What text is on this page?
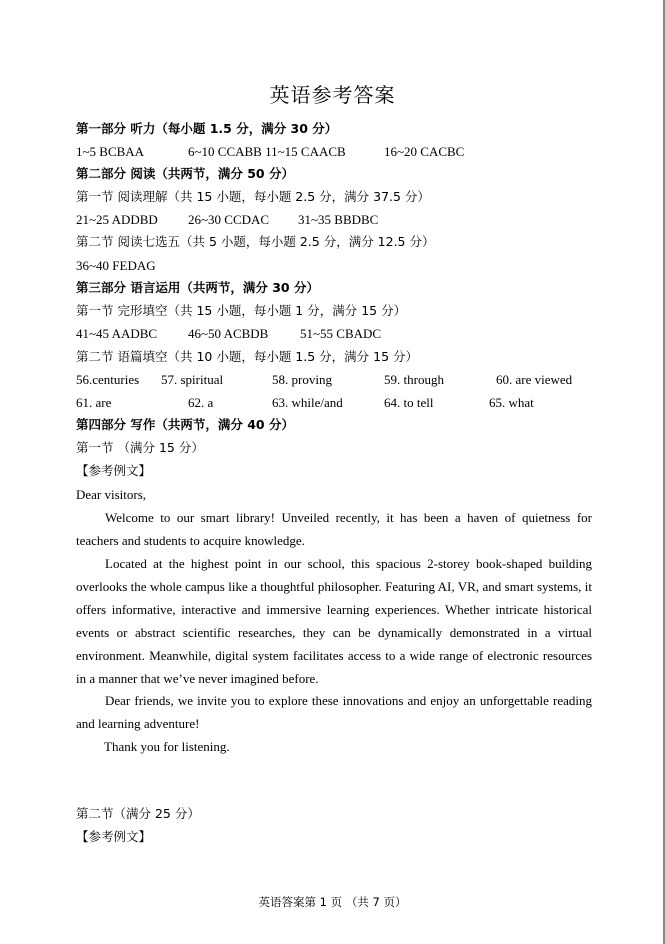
英语参考答案
第一部分 听力（每小题 1.5 分，满分 30 分）
1~5 BCBAA	6~10 CCABB 11~15 CAACB	16~20 CACBC
第二部分 阅读（共两节，满分 50 分）
第一节 阅读理解（共 15 小题，每小题 2.5 分，满分 37.5 分）
21~25 ADDBD 26~30 CCDAC 31~35 BBDBC
第二节 阅读七选五（共 5 小题，每小题 2.5 分，满分 12.5 分）
36~40 FEDAG
第三部分 语言运用（共两节，满分 30 分）
第一节 完形填空（共 15 小题，每小题 1 分，满分 15 分）
41~45 AADBC 46~50 ACBDB 51~55 CBADC
第二节 语篇填空（共 10 小题，每小题 1.5 分，满分 15 分）
56.centuries 57. spiritual	58. proving	59. through	60. are viewed
61. are	62. a	63. while/and	64. to tell	65. what
第四部分 写作（共两节，满分 40 分）
第一节 （满分 15 分）
【参考例文】
Dear visitors,
Welcome to our smart library! Unveiled recently, it has been a haven of quietness for teachers and students to acquire knowledge.
Located at the highest point in our school, this spacious 2-storey book-shaped building overlooks the whole campus like a thoughtful philosopher. Featuring AI, VR, and smart systems, it offers informative, interactive and immersive learning experiences. Whether intricate historical events or abstract scientific researches, they can be dynamically demonstrated in a virtual environment. Meanwhile, digital system facilitates access to a wide range of electronic resources in a manner that we’ve never imagined before.
Dear friends, we invite you to explore these innovations and enjoy an unforgettable reading and learning adventure!
Thank you for listening.
第二节（满分 25 分）
【参考例文】
英语答案第 1 页 （共 7 页）
